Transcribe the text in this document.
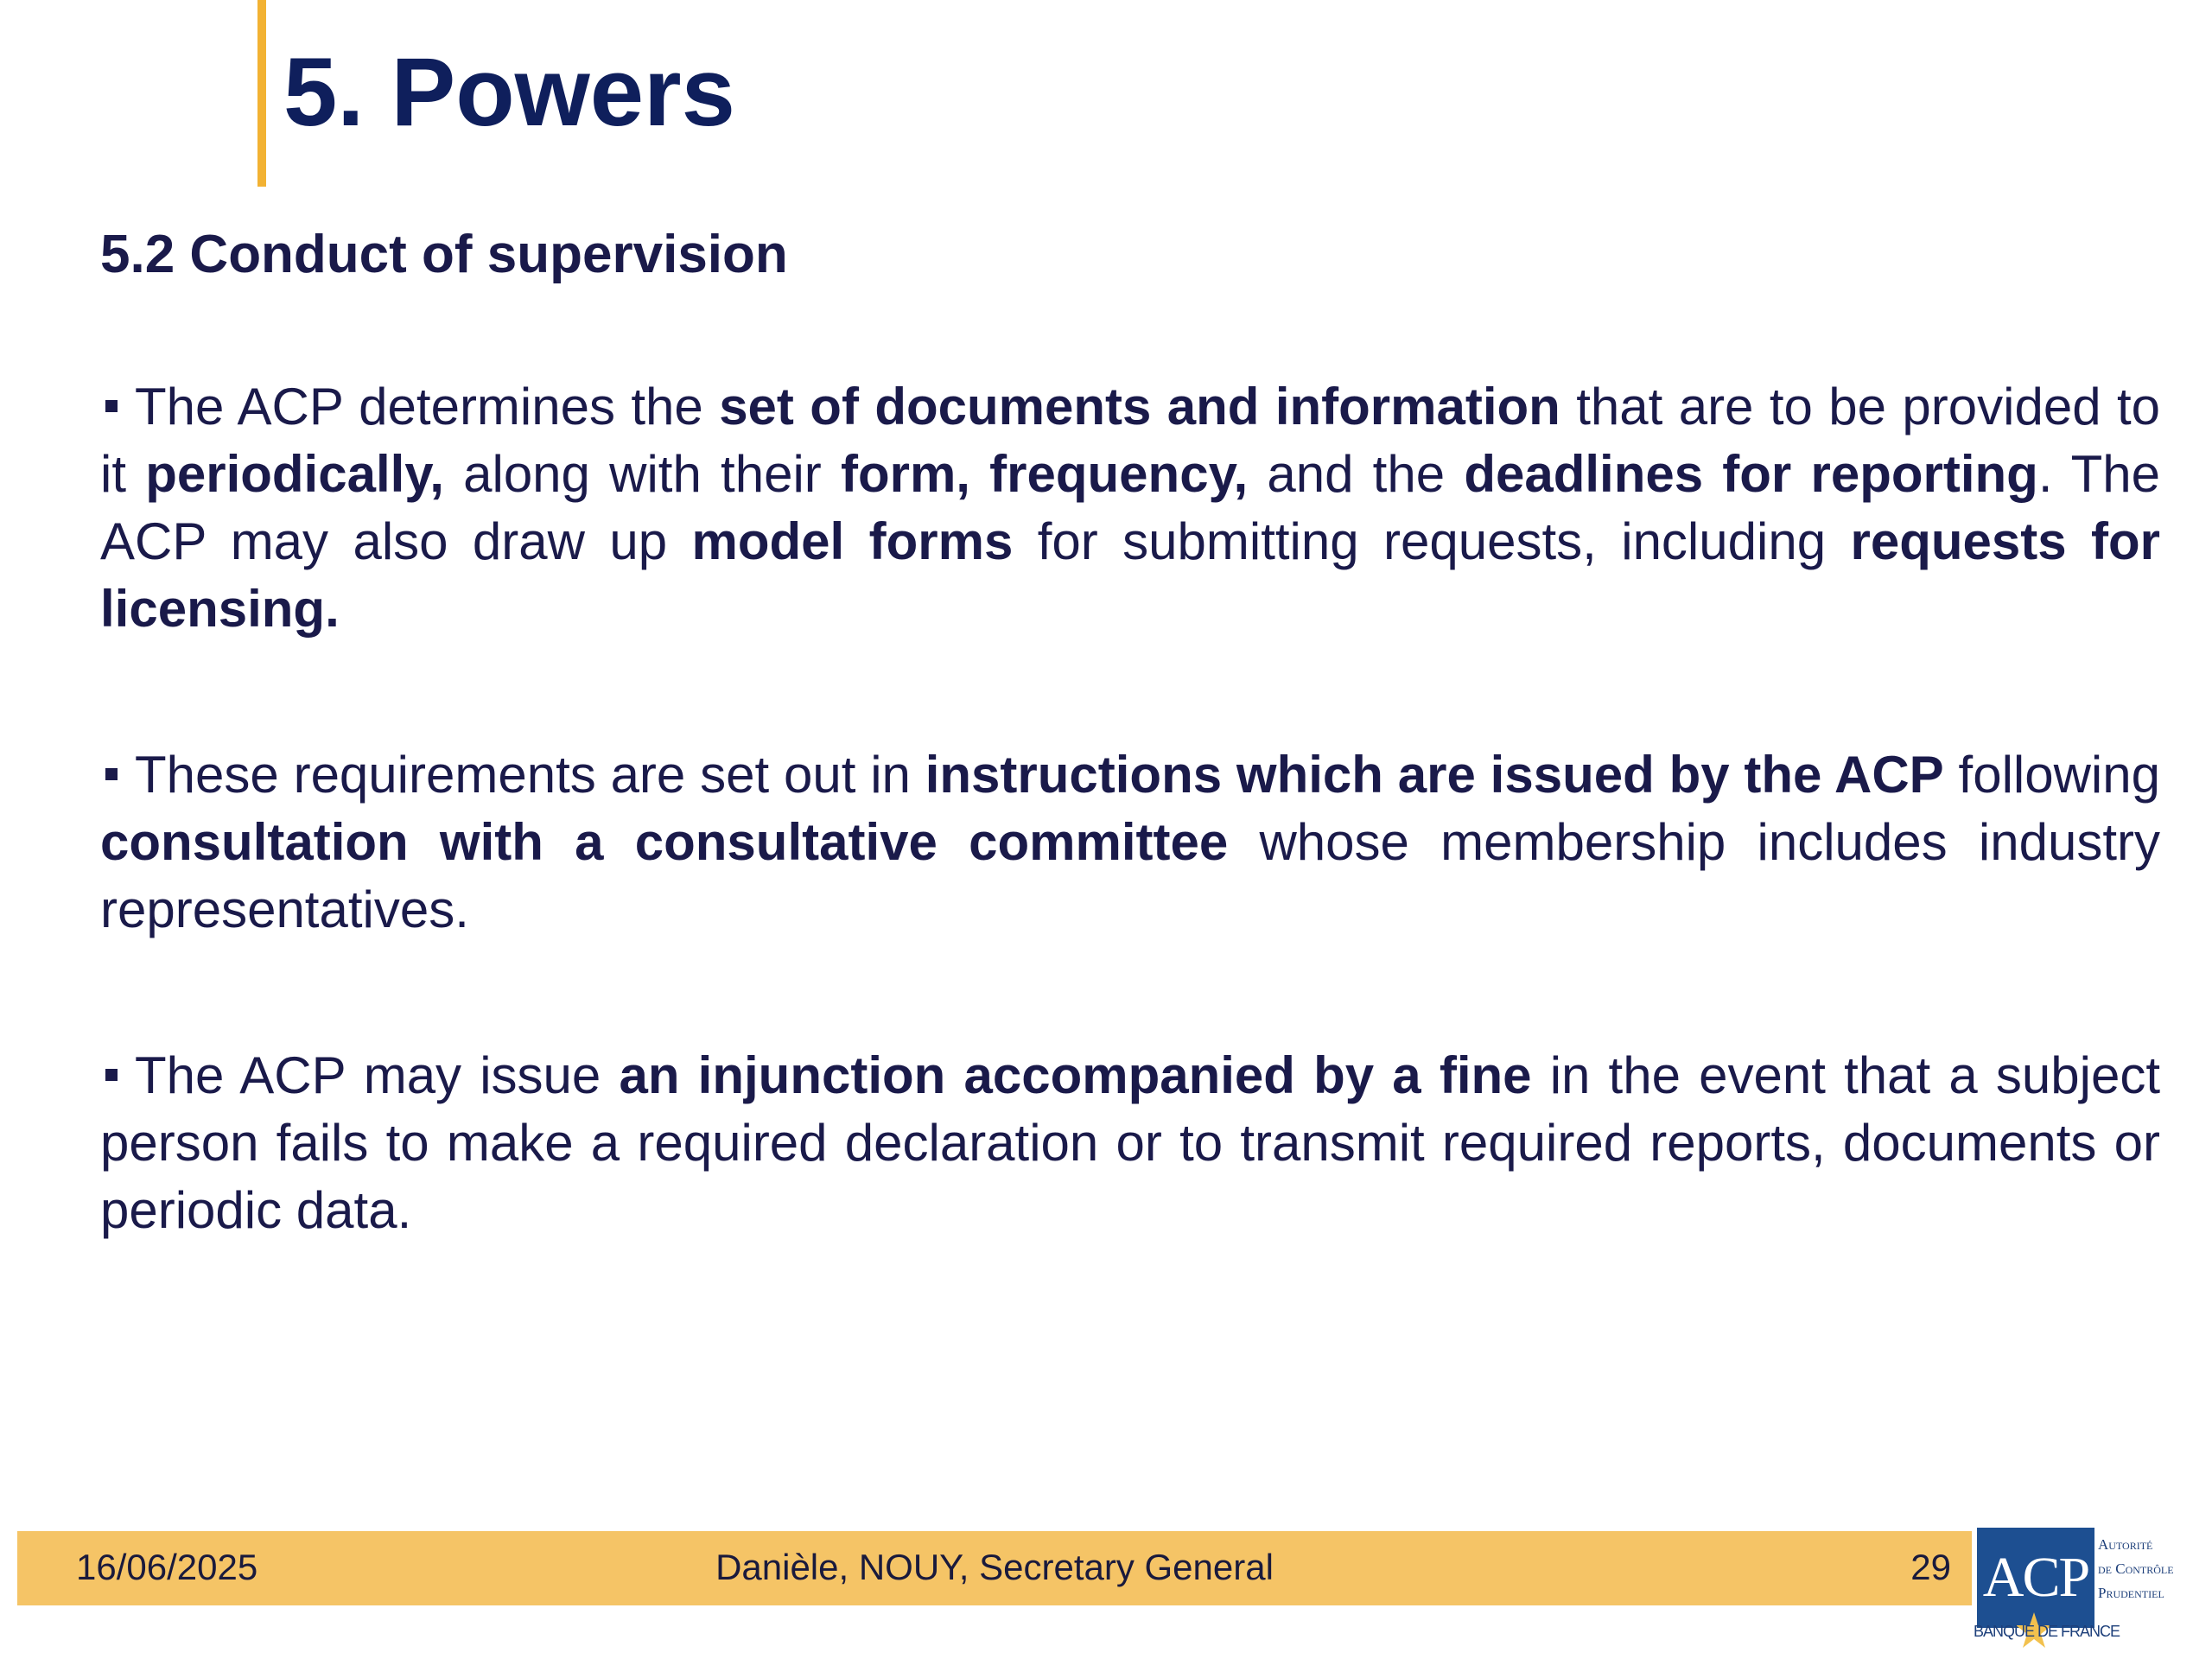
5. Powers
5.2 Conduct of supervision

The ACP determines the set of documents and information that are to be provided to it periodically, along with their form, frequency, and the deadlines for reporting. The ACP may also draw up model forms for submitting requests, including requests for licensing.

These requirements are set out in instructions which are issued by the ACP following consultation with a consultative committee whose membership includes industry representatives.

The ACP may issue an injunction accompanied by a fine in the event that a subject person fails to make a required declaration or to transmit required reports, documents or periodic data.

16/06/2025	Danièle, NOUY, Secretary General	29 ACP
Autorité
de Contrôle
Prudentiel
BANQUE DE FRANCE
